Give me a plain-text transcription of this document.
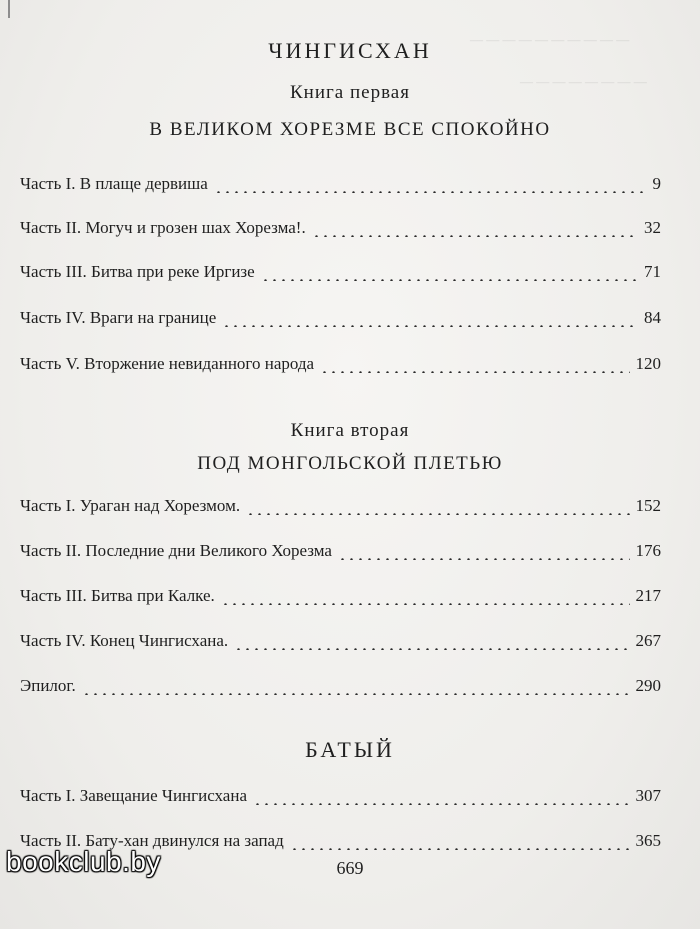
— — — — — — — — — —
— — — — — — — —
ЧИНГИСХАН
Книга первая
В ВЕЛИКОМ ХОРЕЗМЕ ВСЕ СПОКОЙНО
Часть I. В плаще дервиша	9
Часть II. Могуч и грозен шах Хорезма!.	32
Часть III. Битва при реке Иргизе	71
Часть IV. Враги на границе	84
Часть V. Вторжение невиданного народа	120
Книга вторая
ПОД МОНГОЛЬСКОЙ ПЛЕТЬЮ
Часть I. Ураган над Хорезмом.	152
Часть II. Последние дни Великого Хорезма	176
Часть III. Битва при Калке.	217
Часть IV. Конец Чингисхана.	267
Эпилог.	290
БАТЫЙ
Часть I. Завещание Чингисхана	307
Часть II. Бату-хан двинулся на запад	365
669
bookclub.by
